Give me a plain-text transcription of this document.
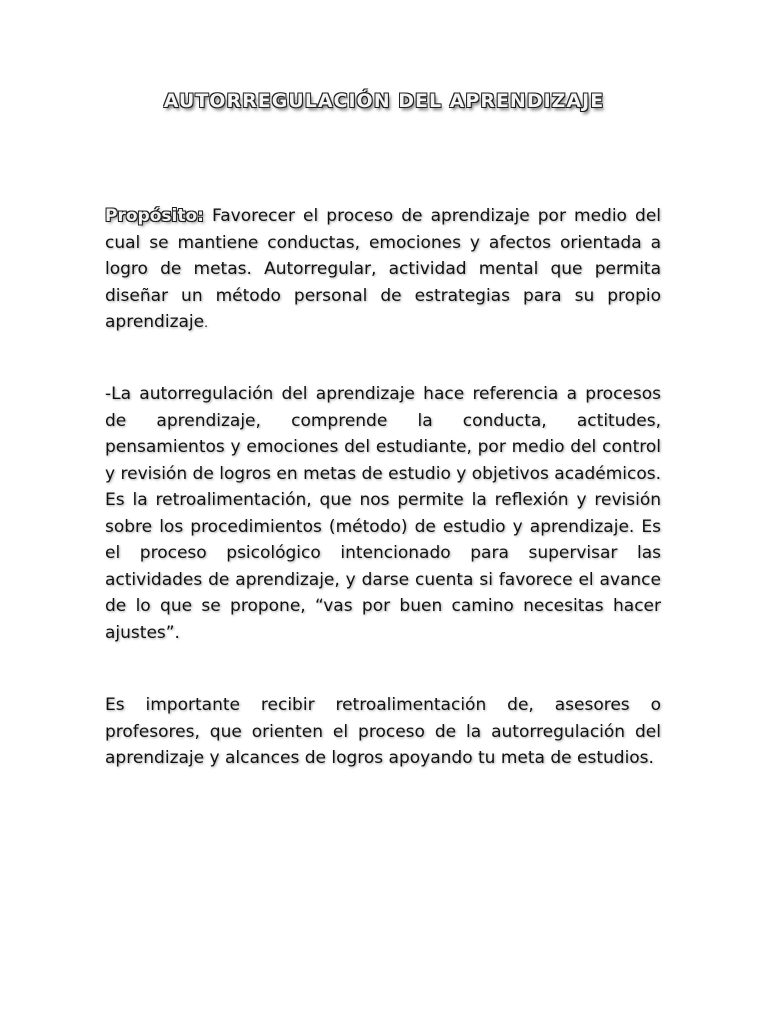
AUTORREGULACIÓN DEL APRENDIZAJE

Propósito: Favorecer el proceso de aprendizaje por medio del cual se mantiene conductas, emociones y afectos orientada a logro de metas. Autorregular, actividad mental que permita diseñar un método personal de estrategias para su propio aprendizaje.

-La autorregulación del aprendizaje hace referencia a procesos de aprendizaje, comprende la conducta, actitudes, pensamientos y emociones del estudiante, por medio del control y revisión de logros en metas de estudio y objetivos académicos. Es la retroalimentación, que nos permite la reflexión y revisión sobre los procedimientos (método) de estudio y aprendizaje. Es el proceso psicológico intencionado para supervisar las actividades de aprendizaje, y darse cuenta si favorece el avance de lo que se propone, “vas por buen camino necesitas hacer ajustes”.

Es importante recibir retroalimentación de, asesores o profesores, que orienten el proceso de la autorregulación del aprendizaje y alcances de logros apoyando tu meta de estudios.
